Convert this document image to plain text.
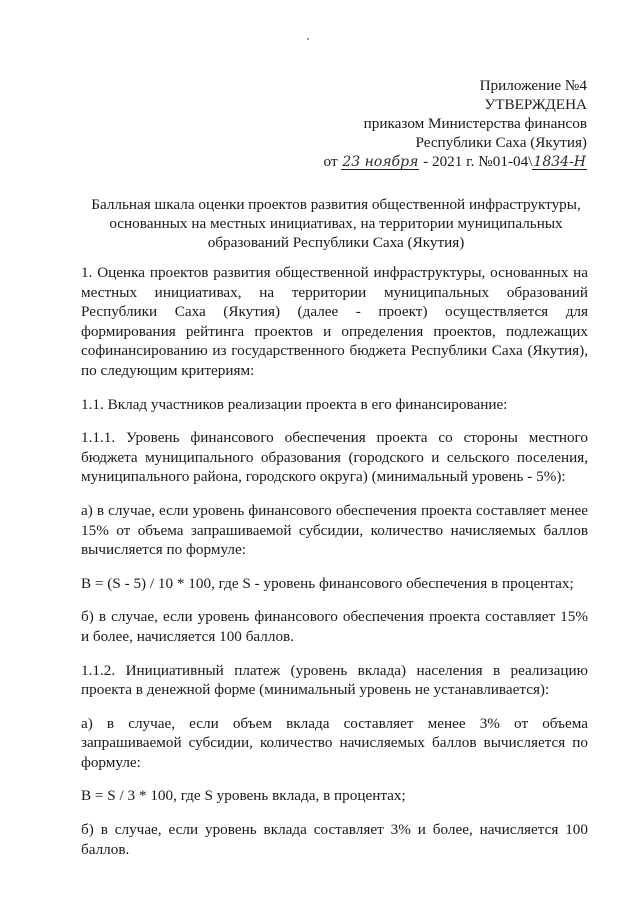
Приложение №4
УТВЕРЖДЕНА
приказом Министерства финансов
Республики Саха (Якутия)
от 23 ноября - 2021 г. №01-04\1834-Н
Балльная шкала оценки проектов развития общественной инфраструктуры,
основанных на местных инициативах, на территории муниципальных
образований Республики Саха (Якутия)

1. Оценка проектов развития общественной инфраструктуры, основанных на местных инициативах, на территории муниципальных образований Республики Саха (Якутия) (далее - проект) осуществляется для формирования рейтинга проектов и определения проектов, подлежащих софинансированию из государственного бюджета Республики Саха (Якутия), по следующим критериям:

1.1. Вклад участников реализации проекта в его финансирование:

1.1.1. Уровень финансового обеспечения проекта со стороны местного бюджета муниципального образования (городского и сельского поселения, муниципального района, городского округа) (минимальный уровень - 5%):

а) в случае, если уровень финансового обеспечения проекта составляет менее 15% от объема запрашиваемой субсидии, количество начисляемых баллов вычисляется по формуле:

B = (S - 5) / 10 * 100, где S - уровень финансового обеспечения в процентах;

б) в случае, если уровень финансового обеспечения проекта составляет 15% и более, начисляется 100 баллов.

1.1.2. Инициативный платеж (уровень вклада) населения в реализацию проекта в денежной форме (минимальный уровень не устанавливается):

а) в случае, если объем вклада составляет менее 3% от объема запрашиваемой субсидии, количество начисляемых баллов вычисляется по формуле:

B = S / 3 * 100, где S уровень вклада, в процентах;

б) в случае, если уровень вклада составляет 3% и более, начисляется 100 баллов.
